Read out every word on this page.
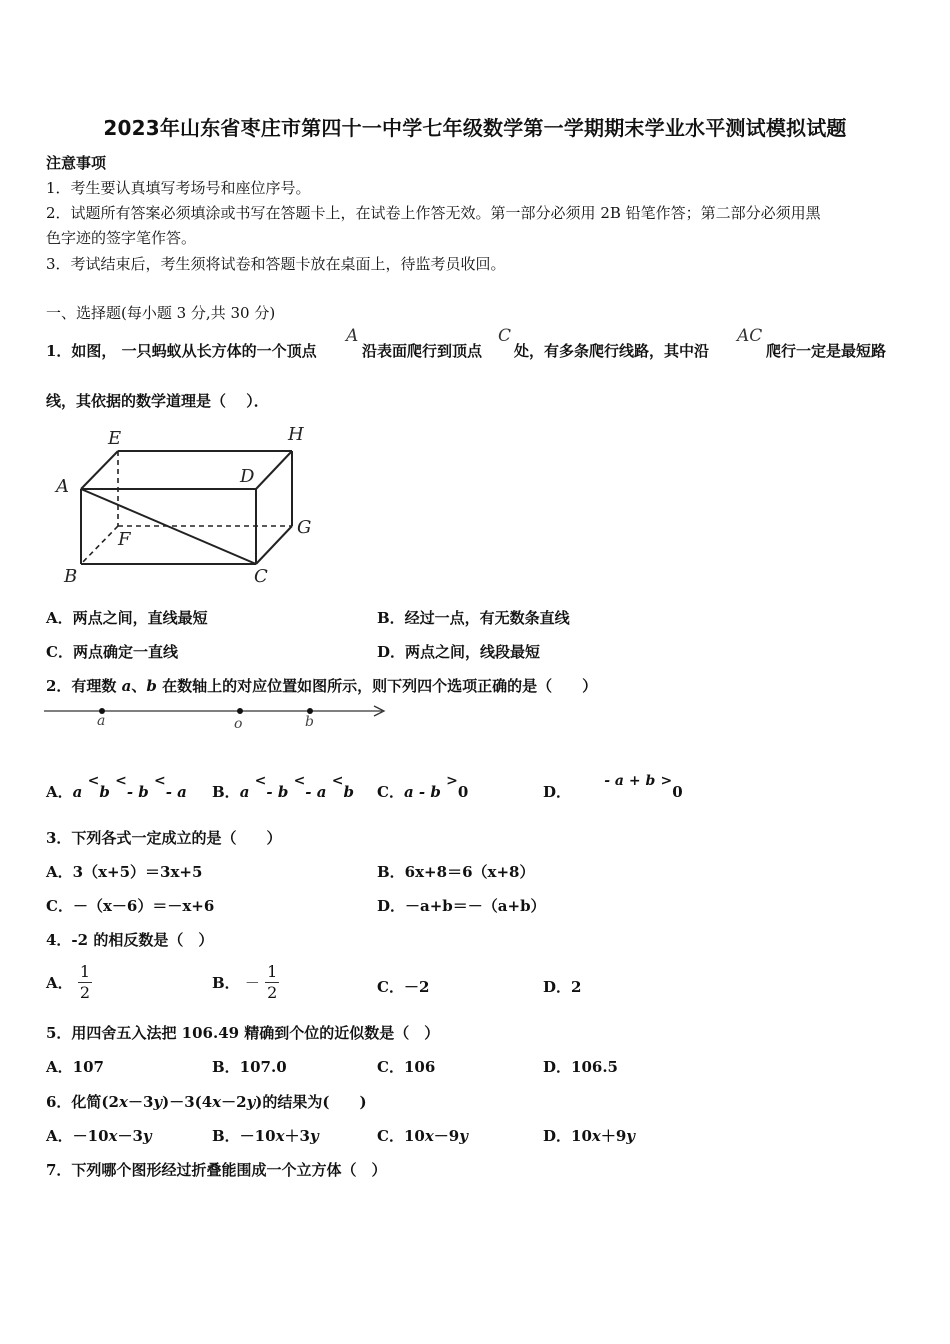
2023年山东省枣庄市第四十一中学七年级数学第一学期期末学业水平测试模拟试题
注意事项
1．考生要认真填写考场号和座位序号。
2．试题所有答案必须填涂或书写在答题卡上，在试卷上作答无效。第一部分必须用 2B 铅笔作答；第二部分必须用黑
色字迹的签字笔作答。
3．考试结束后，考生须将试卷和答题卡放在桌面上，待监考员收回。
一、选择题(每小题 3 分,共 30 分)
1．如图， 一只蚂蚁从长方体的一个顶点
A
沿表面爬行到顶点
C
处，有多条爬行线路，其中沿
AC
爬行一定是最短路
线，其依据的数学道理是（　 ）．
E	H
A	D
G
F
B	C
A．两点之间，直线最短	B．经过一点，有无数条直线
C．两点确定一直线	D．两点之间，线段最短
2．有理数 a、b 在数轴上的对应位置如图所示，则下列四个选项正确的是（　　）
a	o	b
A．a <b <- b <- a B．a <- b <- a <b C．a - b >0	D． - a + b >0
3．下列各式一定成立的是（　　）
A．3（x+5）＝3x+5	B．6x+8＝6（x+8）
C．－（x－6）＝－x+6	D．－a+b＝－（a+b）
4．-2 的相反数是（　）
A． $\frac{1}{2}$	B． － $\frac{1}{2}$	C．－2	D．2
5．用四舍五入法把 106.49 精确到个位的近似数是（　）
A．107	B．107.0	C．106	D．106.5
6．化简(2x－3y)－3(4x－2y)的结果为(　　)
A．－10x－3y	B．－10x＋3y	C．10x－9y	D．10x＋9y
7．下列哪个图形经过折叠能围成一个立方体（　）
